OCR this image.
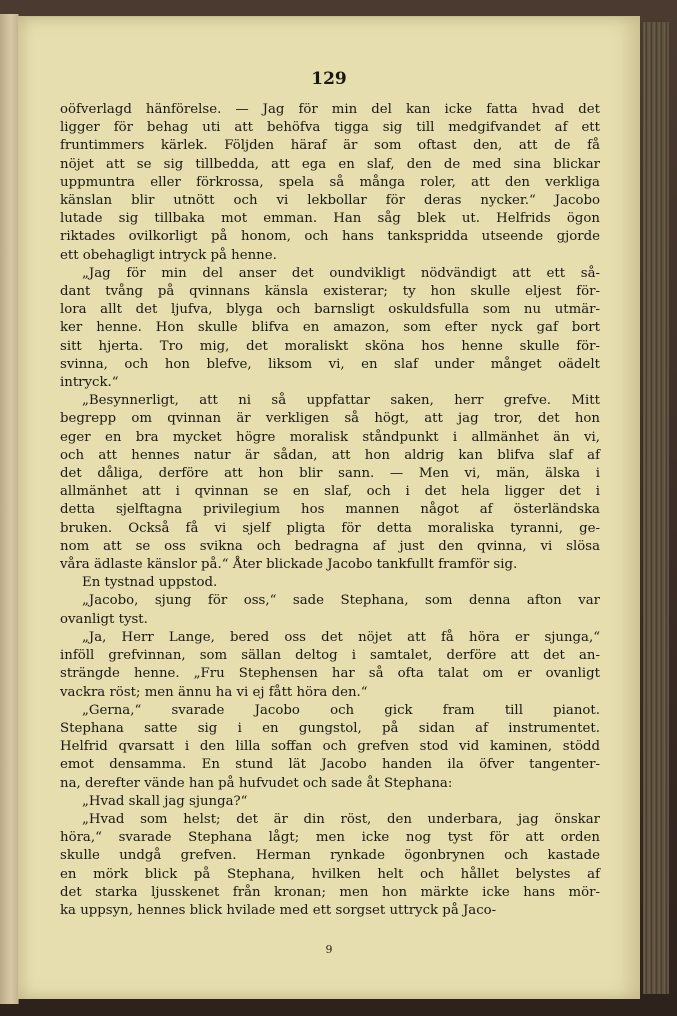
129
oöfverlagd hänförelse. — Jag för min del kan icke fatta hvad det
ligger för behag uti att behöfva tigga sig till medgifvandet af ett
fruntimmers kärlek. Följden häraf är som oftast den, att de få
nöjet att se sig tillbedda, att ega en slaf, den de med sina blickar
uppmuntra eller förkrossa, spela så många roler, att den verkliga
känslan blir utnött och vi lekbollar för deras nycker.“ Jacobo
lutade sig tillbaka mot emman. Han såg blek ut. Helfrids ögon
riktades ovilkorligt på honom, och hans tankspridda utseende gjorde
ett obehagligt intryck på henne.
„Jag för min del anser det oundvikligt nödvändigt att ett så-
dant tvång på qvinnans känsla existerar; ty hon skulle eljest för-
lora allt det ljufva, blyga och barnsligt oskuldsfulla som nu utmär-
ker henne. Hon skulle blifva en amazon, som efter nyck gaf bort
sitt hjerta. Tro mig, det moraliskt sköna hos henne skulle för-
svinna, och hon blefve, liksom vi, en slaf under månget oädelt
intryck.“
„Besynnerligt, att ni så uppfattar saken, herr grefve. Mitt
begrepp om qvinnan är verkligen så högt, att jag tror, det hon
eger en bra mycket högre moralisk ståndpunkt i allmänhet än vi,
och att hennes natur är sådan, att hon aldrig kan blifva slaf af
det dåliga, derföre att hon blir sann. — Men vi, män, älska i
allmänhet att i qvinnan se en slaf, och i det hela ligger det i
detta sjelftagna privilegium hos mannen något af österländska
bruken. Också få vi sjelf pligta för detta moraliska tyranni, ge-
nom att se oss svikna och bedragna af just den qvinna, vi slösa
våra ädlaste känslor på.“ Åter blickade Jacobo tankfullt framför sig.
En tystnad uppstod.
„Jacobo, sjung för oss,“ sade Stephana, som denna afton var
ovanligt tyst.
„Ja, Herr Lange, bered oss det nöjet att få höra er sjunga,“
inföll grefvinnan, som sällan deltog i samtalet, derföre att det an-
strängde henne. „Fru Stephensen har så ofta talat om er ovanligt
vackra röst; men ännu ha vi ej fått höra den.“
„Gerna,“ svarade Jacobo och gick fram till pianot.
Stephana satte sig i en gungstol, på sidan af instrumentet.
Helfrid qvarsatt i den lilla soffan och grefven stod vid kaminen, stödd
emot densamma. En stund lät Jacobo handen ila öfver tangenter-
na, derefter vände han på hufvudet och sade åt Stephana:
„Hvad skall jag sjunga?“
„Hvad som helst; det är din röst, den underbara, jag önskar
höra,“ svarade Stephana lågt; men icke nog tyst för att orden
skulle undgå grefven. Herman rynkade ögonbrynen och kastade
en mörk blick på Stephana, hvilken helt och hållet belystes af
det starka ljusskenet från kronan; men hon märkte icke hans mör-
ka uppsyn, hennes blick hvilade med ett sorgset uttryck på Jaco-
9
